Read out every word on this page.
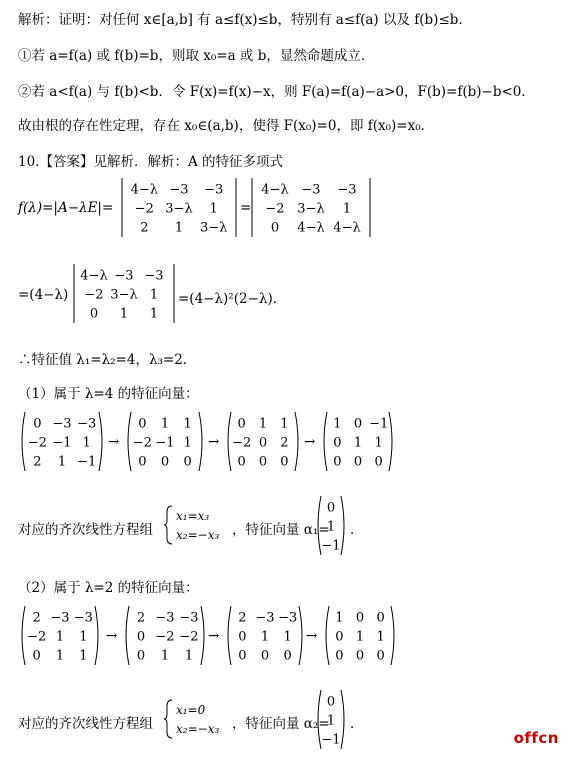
解析：证明：对任何 x∈[a,b] 有 a≤f(x)≤b，特别有 a≤f(a) 以及 f(b)≤b．
①若 a=f(a) 或 f(b)=b，则取 x₀=a 或 b，显然命题成立．
②若 a<f(a) 与 f(b)<b．令 F(x)=f(x)−x，则 F(a)=f(a)−a>0，F(b)=f(b)−b<0．
故由根的存在性定理，存在 x₀∈(a,b)，使得 F(x₀)=0，即 f(x₀)=x₀．
10.【答案】见解析．解析：A 的特征多项式
f(λ)=|A−λE|=
4−λ −3 −3
−2 3−λ 1
2 1 3−λ
=
4−λ −3 −3
−2 3−λ 1
0 4−λ 4−λ
=(4−λ)
4−λ −3 −3
−2 3−λ 1
0 1 1
=(4−λ)²(2−λ)．
∴特征值 λ₁=λ₂=4，λ₃=2．
（1）属于 λ=4 的特征向量：
0 −3 −3
−2 −1 1
2 1 −1
→
0 1 1
−2 −1 1
0 0 0
→
0 1 1
−2 0 2
0 0 0
→
1 0 −1
0 1 1
0 0 0
对应的齐次线性方程组
x₁=x₃
x₂=−x₃ ，特征向量 α₁=
0
1
−1
．
（2）属于 λ=2 的特征向量：
2 −3 −3
−2 1 1
0 1 1
→
2 −3 −3
0 −2 −2
0 1 1
→
2 −3 −3
0 1 1
0 0 0
→
1 0 0
0 1 1
0 0 0
对应的齐次线性方程组
x₁=0
x₂=−x₃ ，特征向量 α₂=
0
1
−1
．
offcn
